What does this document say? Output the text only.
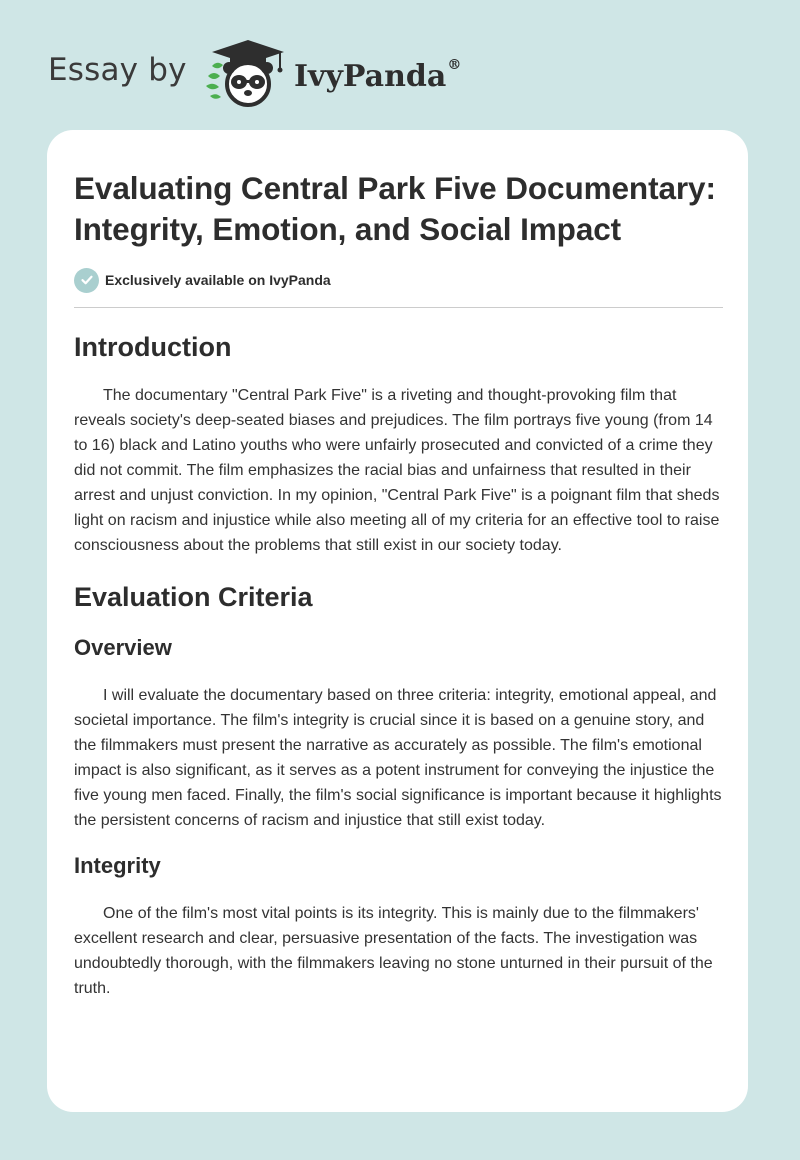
Essay by	IvyPanda®
Evaluating Central Park Five Documentary: Integrity, Emotion, and Social Impact
Exclusively available on IvyPanda
Introduction

The documentary "Central Park Five" is a riveting and thought-provoking film that reveals society's deep-seated biases and prejudices. The film portrays five young (from 14 to 16) black and Latino youths who were unfairly prosecuted and convicted of a crime they did not commit. The film emphasizes the racial bias and unfairness that resulted in their arrest and unjust conviction. In my opinion, "Central Park Five" is a poignant film that sheds light on racism and injustice while also meeting all of my criteria for an effective tool to raise consciousness about the problems that still exist in our society today.

Evaluation Criteria
Overview

I will evaluate the documentary based on three criteria: integrity, emotional appeal, and societal importance. The film's integrity is crucial since it is based on a genuine story, and the filmmakers must present the narrative as accurately as possible. The film's emotional impact is also significant, as it serves as a potent instrument for conveying the injustice the five young men faced. Finally, the film's social significance is important because it highlights the persistent concerns of racism and injustice that still exist today.

Integrity

One of the film's most vital points is its integrity. This is mainly due to the filmmakers' excellent research and clear, persuasive presentation of the facts. The investigation was undoubtedly thorough, with the filmmakers leaving no stone unturned in their pursuit of the truth.
